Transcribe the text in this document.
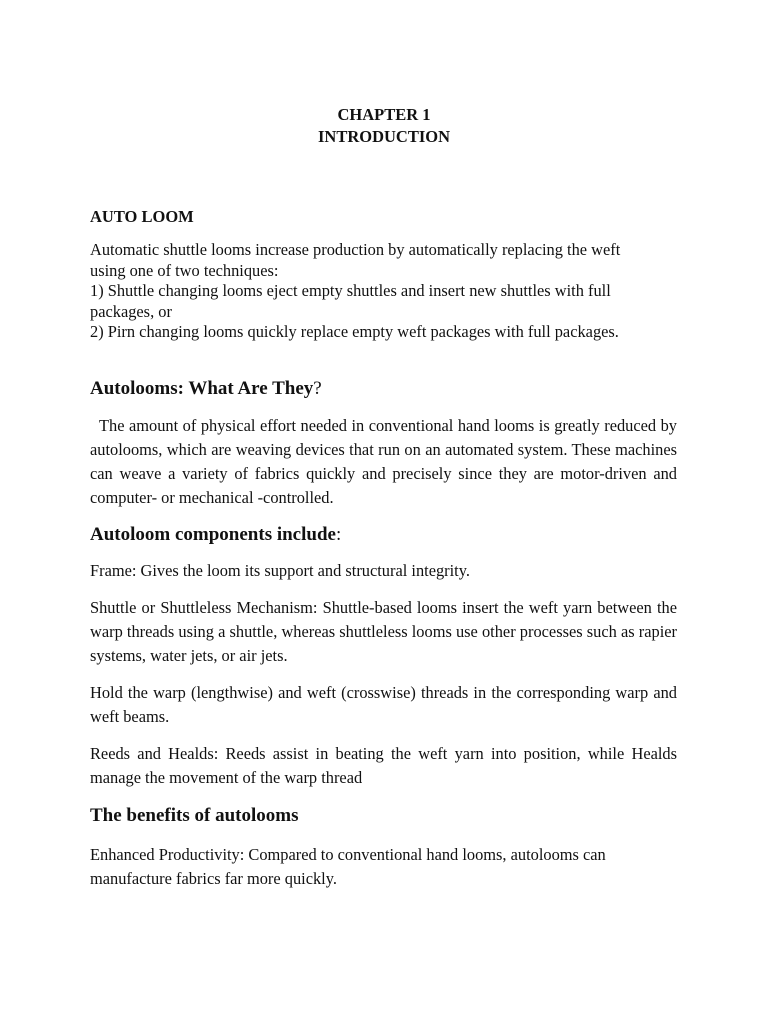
CHAPTER 1
INTRODUCTION
AUTO LOOM

Automatic shuttle looms increase production by automatically replacing the weft
using one of two techniques:
1) Shuttle changing looms eject empty shuttles and insert new shuttles with full
packages, or
2) Pirn changing looms quickly replace empty weft packages with full packages.

Autolooms: What Are They?

The amount of physical effort needed in conventional hand looms is greatly reduced by autolooms, which are weaving devices that run on an automated system. These machines can weave a variety of fabrics quickly and precisely since they are motor-driven and computer- or mechanical -controlled.

Autoloom components include:

Frame: Gives the loom its support and structural integrity.

Shuttle or Shuttleless Mechanism: Shuttle-based looms insert the weft yarn between the warp threads using a shuttle, whereas shuttleless looms use other processes such as rapier systems, water jets, or air jets.

Hold the warp (lengthwise) and weft (crosswise) threads in the corresponding warp and weft beams.

Reeds and Healds: Reeds assist in beating the weft yarn into position, while Healds manage the movement of the warp thread

The benefits of autolooms

Enhanced Productivity: Compared to conventional hand looms, autolooms can manufacture fabrics far more quickly.
